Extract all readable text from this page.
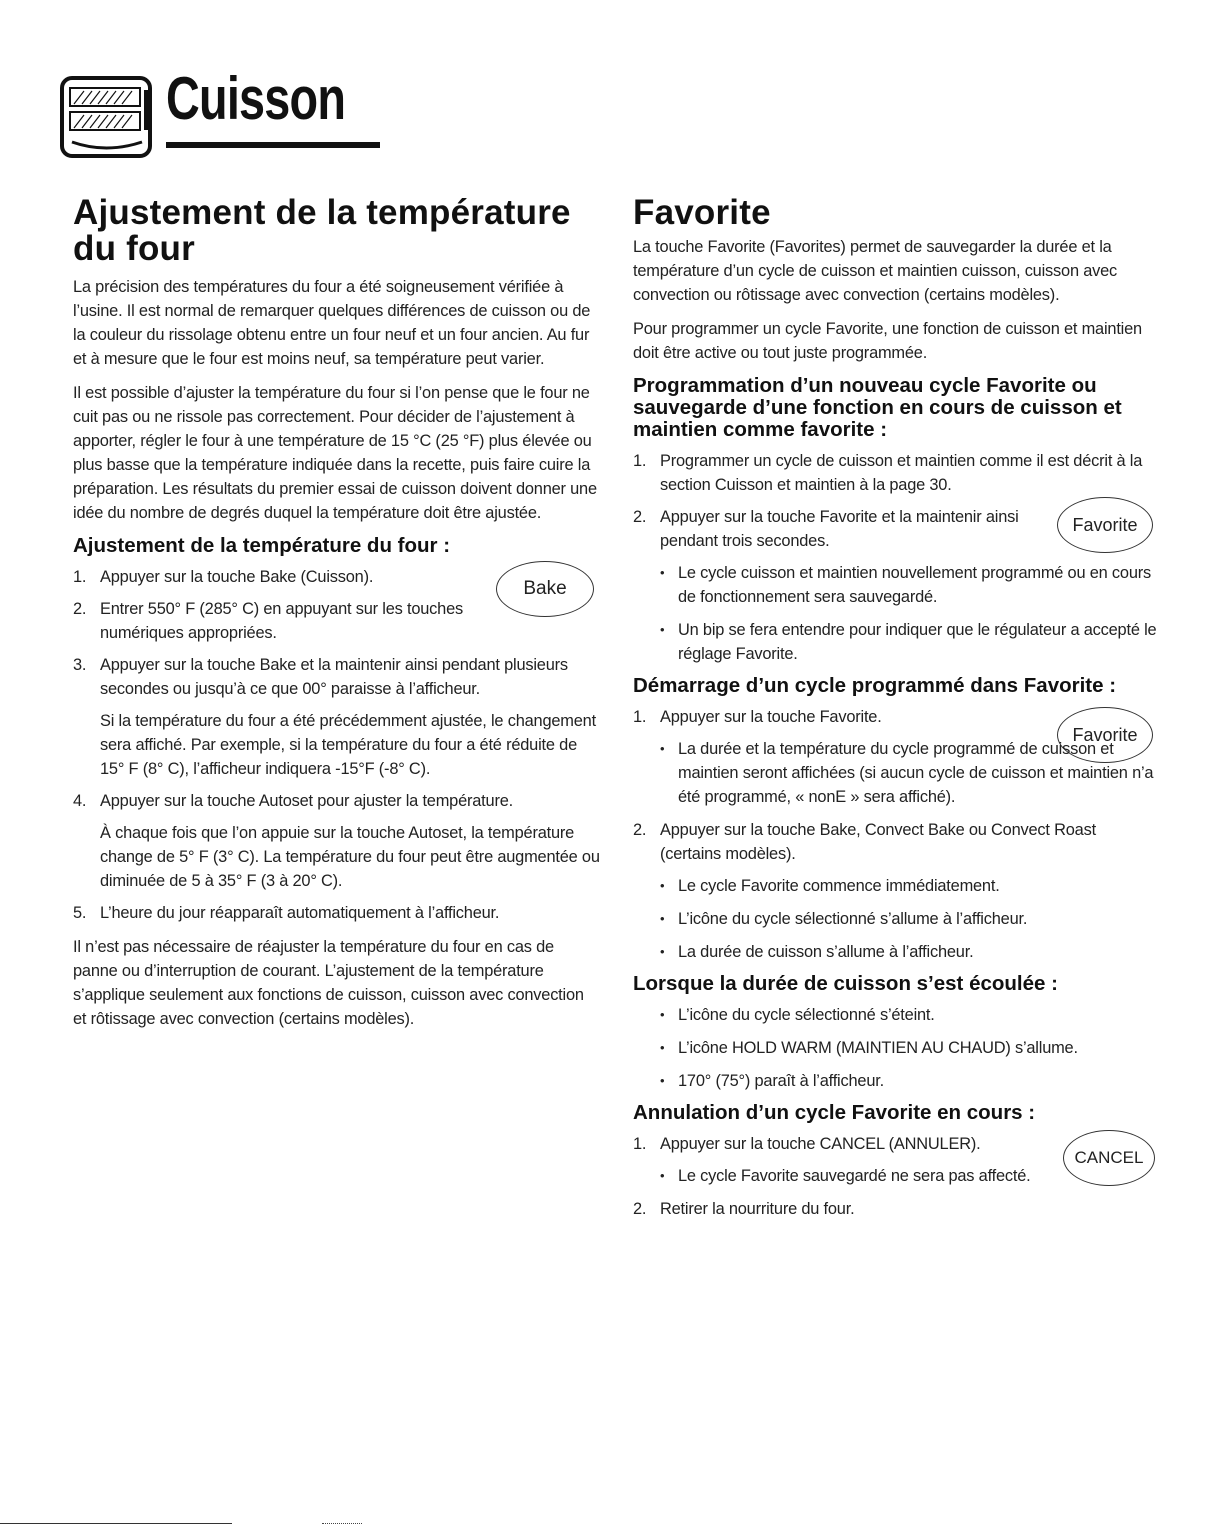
Cuisson
Ajustement de la température
du four

La précision des températures du four a été soigneusement vérifiée à l’usine. Il est normal de remarquer quelques différences de cuisson ou de la couleur du rissolage obtenu entre un four neuf et un four ancien. Au fur et à mesure que le four est moins neuf, sa température peut varier.

Il est possible d’ajuster la température du four si l’on pense que le four ne cuit pas ou ne rissole pas correctement. Pour décider de l’ajustement à apporter, régler le four à une température de 15 °C (25 °F) plus élevée ou plus basse que la température indiquée dans la recette, puis faire cuire la préparation. Les résultats du premier essai de cuisson doivent donner une idée du nombre de degrés duquel la température doit être ajustée.

Ajustement de la température du four :
Bake
1. Appuyer sur la touche Bake (Cuisson).
2. Entrer 550° F (285° C) en appuyant sur les touches numériques appropriées.
3. Appuyer sur la touche Bake et la maintenir ainsi pendant plusieurs secondes ou jusqu’à ce que 00° paraisse à l’afficheur.
Si la température du four a été précédemment ajustée, le changement sera affiché. Par exemple, si la température du four a été réduite de 15° F (8° C), l’afficheur indiquera -15°F (-8° C).
4. Appuyer sur la touche Autoset pour ajuster la température.
À chaque fois que l’on appuie sur la touche Autoset, la température change de 5° F (3° C). La température du four peut être augmentée ou diminuée de 5 à 35° F (3 à 20° C).
5. L’heure du jour réapparaît automatiquement à l’afficheur.

Il n’est pas nécessaire de réajuster la température du four en cas de panne ou d’interruption de courant. L’ajustement de la température s’applique seulement aux fonctions de cuisson, cuisson avec convection et rôtissage avec convection (certains modèles).

Favorite

La touche Favorite (Favorites) permet de sauvegarder la durée et la température d’un cycle de cuisson et maintien cuisson, cuisson avec convection ou rôtissage avec convection (certains modèles).

Pour programmer un cycle Favorite, une fonction de cuisson et maintien doit être active ou tout juste programmée.

Programmation d’un nouveau cycle Favorite ou sauvegarde d’une fonction en cours de cuisson et maintien comme favorite :
1. Programmer un cycle de cuisson et maintien comme il est décrit à la section Cuisson et maintien à la page 30.
2. Appuyer sur la touche Favorite et la maintenir ainsi pendant trois secondes.
Favorite
• Le cycle cuisson et maintien nouvellement programmé ou en cours de fonctionnement sera sauvegardé.
• Un bip se fera entendre pour indiquer que le régulateur a accepté le réglage Favorite.
Démarrage d’un cycle programmé dans Favorite :
Favorite
1. Appuyer sur la touche Favorite.
• La durée et la température du cycle programmé de cuisson et maintien seront affichées (si aucun cycle de cuisson et maintien n’a été programmé, « nonE » sera affiché).
2. Appuyer sur la touche Bake, Convect Bake ou Convect Roast (certains modèles).
• Le cycle Favorite commence immédiatement.
• L’icône du cycle sélectionné s’allume à l’afficheur.
• La durée de cuisson s’allume à l’afficheur.
Lorsque la durée de cuisson s’est écoulée :
• L’icône du cycle sélectionné s’éteint.
• L’icône HOLD WARM (MAINTIEN AU CHAUD) s’allume.
• 170° (75°) paraît à l’afficheur.
Annulation d’un cycle Favorite en cours :
CANCEL
1. Appuyer sur la touche CANCEL (ANNULER).
• Le cycle Favorite sauvegardé ne sera pas affecté.
2. Retirer la nourriture du four.
